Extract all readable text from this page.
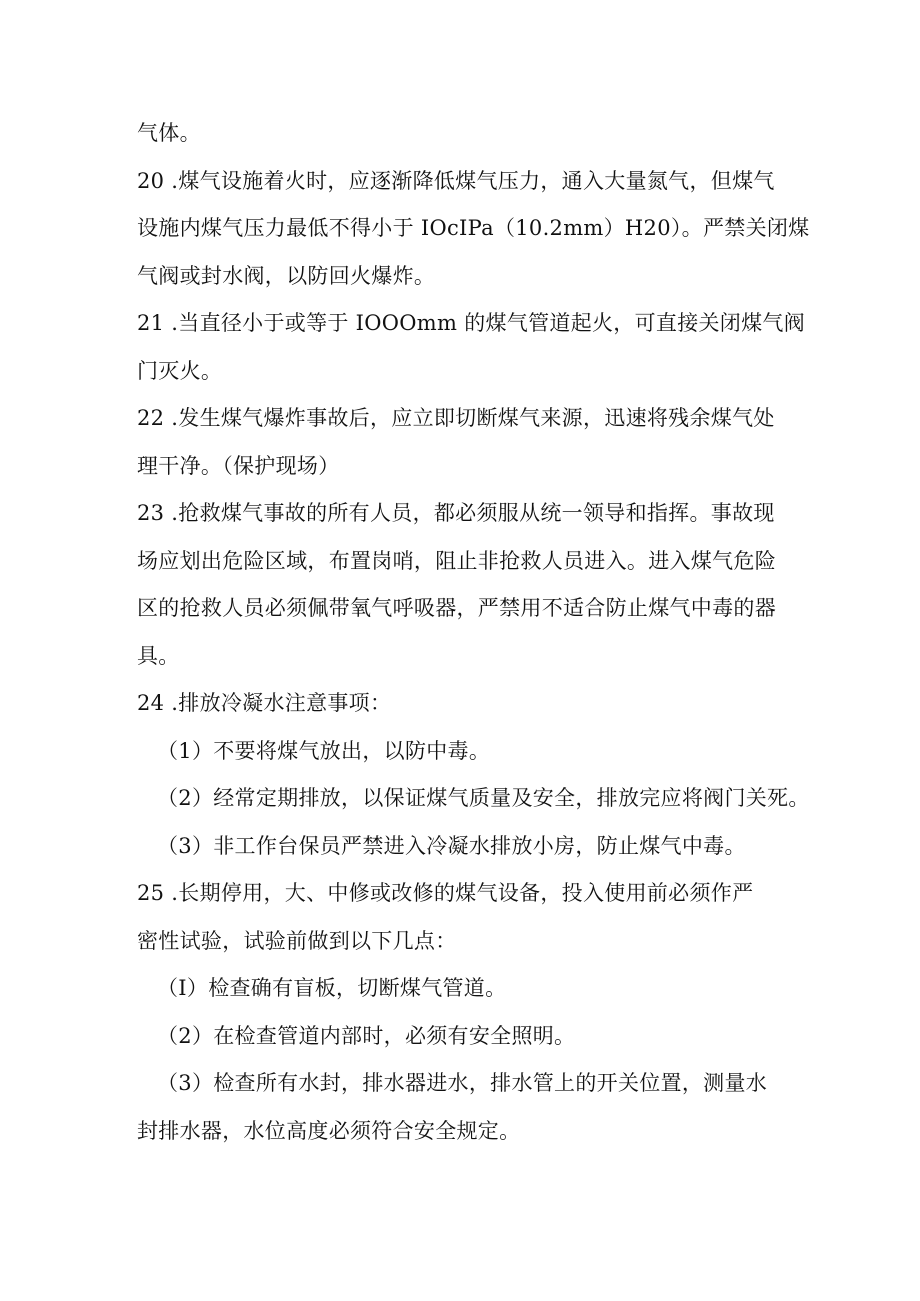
气体。
20 .煤气设施着火时，应逐渐降低煤气压力，通入大量氮气，但煤气
设施内煤气压力最低不得小于 IOcIPa（10.2mm）H20）。严禁关闭煤
气阀或封水阀，以防回火爆炸。
21 .当直径小于或等于 IOOOmm 的煤气管道起火，可直接关闭煤气阀
门灭火。
22 .发生煤气爆炸事故后，应立即切断煤气来源，迅速将残余煤气处
理干净。（保护现场）
23 .抢救煤气事故的所有人员，都必须服从统一领导和指挥。事故现
场应划出危险区域，布置岗哨，阻止非抢救人员进入。进入煤气危险
区的抢救人员必须佩带氧气呼吸器，严禁用不适合防止煤气中毒的器
具。
24 .排放冷凝水注意事项：
（1）不要将煤气放出，以防中毒。
（2）经常定期排放，以保证煤气质量及安全，排放完应将阀门关死。
（3）非工作台保员严禁进入冷凝水排放小房，防止煤气中毒。
25 .长期停用，大、中修或改修的煤气设备，投入使用前必须作严
密性试验，试验前做到以下几点：
（I）检查确有盲板，切断煤气管道。
（2）在检查管道内部时，必须有安全照明。
（3）检查所有水封，排水器进水，排水管上的开关位置，测量水
封排水器，水位高度必须符合安全规定。
